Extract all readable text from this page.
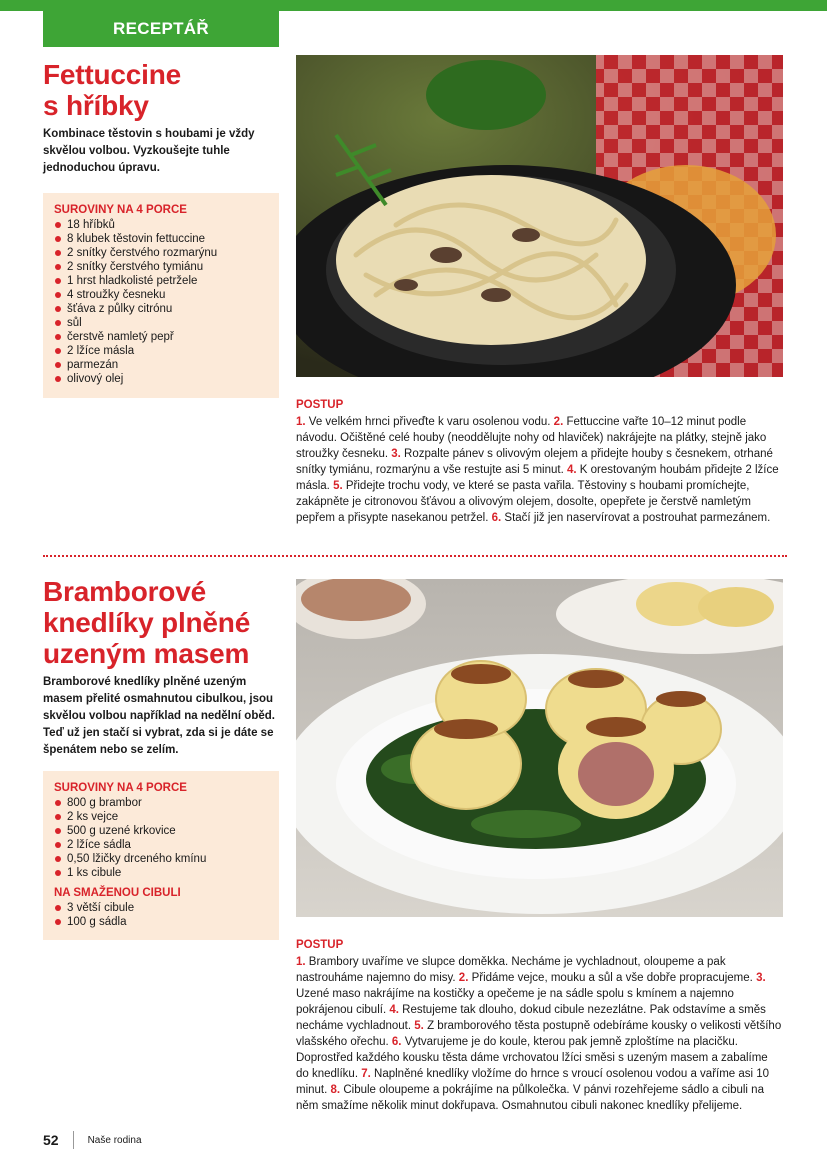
RECEPTÁŘ
Fettuccine
s hříbky

Kombinace těstovin s houbami je vždy skvělou volbou. Vyzkoušejte tuhle jednoduchou úpravu.

SUROVINY NA 4 PORCE
18 hříbků
8 klubek těstovin fettuccine
2 snítky čerstvého rozmarýnu
2 snítky čerstvého tymiánu
1 hrst hladkolisté petržele
4 stroužky česneku
šťáva z půlky citrónu
sůl
čerstvě namletý pepř
2 lžíce másla
parmezán
olivový olej
POSTUP

1. Ve velkém hrnci přiveďte k varu osolenou vodu. 2. Fettuccine vařte 10–12 minut podle návodu. Očištěné celé houby (neoddělujte nohy od hlaviček) nakrájejte na plátky, stejně jako stroužky česneku. 3. Rozpalte pánev s olivovým olejem a přidejte houby s česnekem, otrhané snítky tymiánu, rozmarýnu a vše restujte asi 5 minut. 4. K orestovaným houbám přidejte 2 lžíce másla. 5. Přidejte trochu vody, ve které se pasta vařila. Těstoviny s houbami promíchejte, zakápněte je citronovou šťávou a olivovým olejem, dosolte, opepřete je čerstvě namletým pepřem a přisypte nasekanou petržel. 6. Stačí již jen naservírovat a postrouhat parmezánem.

Bramborové
knedlíky plněné
uzeným masem

Bramborové knedlíky plněné uzeným masem přelité osmahnutou cibulkou, jsou skvělou volbou například na nedělní oběd. Teď už jen stačí si vybrat, zda si je dáte se špenátem nebo se zelím.

SUROVINY NA 4 PORCE
800 g brambor
2 ks vejce
500 g uzené krkovice
2 lžíce sádla
0,50 lžičky drceného kmínu
1 ks cibule
NA SMAŽENOU CIBULI
3 větší cibule
100 g sádla
POSTUP

1. Brambory uvaříme ve slupce doměkka. Necháme je vychladnout, oloupeme a pak nastrouháme najemno do misy. 2. Přidáme vejce, mouku a sůl a vše dobře propracujeme. 3. Uzené maso nakrájíme na kostičky a opečeme je na sádle spolu s kmínem a najemno pokrájenou cibulí. 4. Restujeme tak dlouho, dokud cibule nezezlátne. Pak odstavíme a směs necháme vychladnout. 5. Z bramborového těsta postupně odebíráme kousky o velikosti většího vlašského ořechu. 6. Vytvarujeme je do koule, kterou pak jemně zploštíme na placičku. Doprostřed každého kousku těsta dáme vrchovatou lžíci směsi s uzeným masem a zabalíme do knedlíku. 7. Naplněné knedlíky vložíme do hrnce s vroucí osolenou vodou a vaříme asi 10 minut. 8. Cibule oloupeme a pokrájíme na půlkolečka. V pánvi rozehřejeme sádlo a cibuli na něm smažíme několik minut dokřupava. Osmahnutou cibuli nakonec knedlíky přelijeme.

52	Naše rodina
